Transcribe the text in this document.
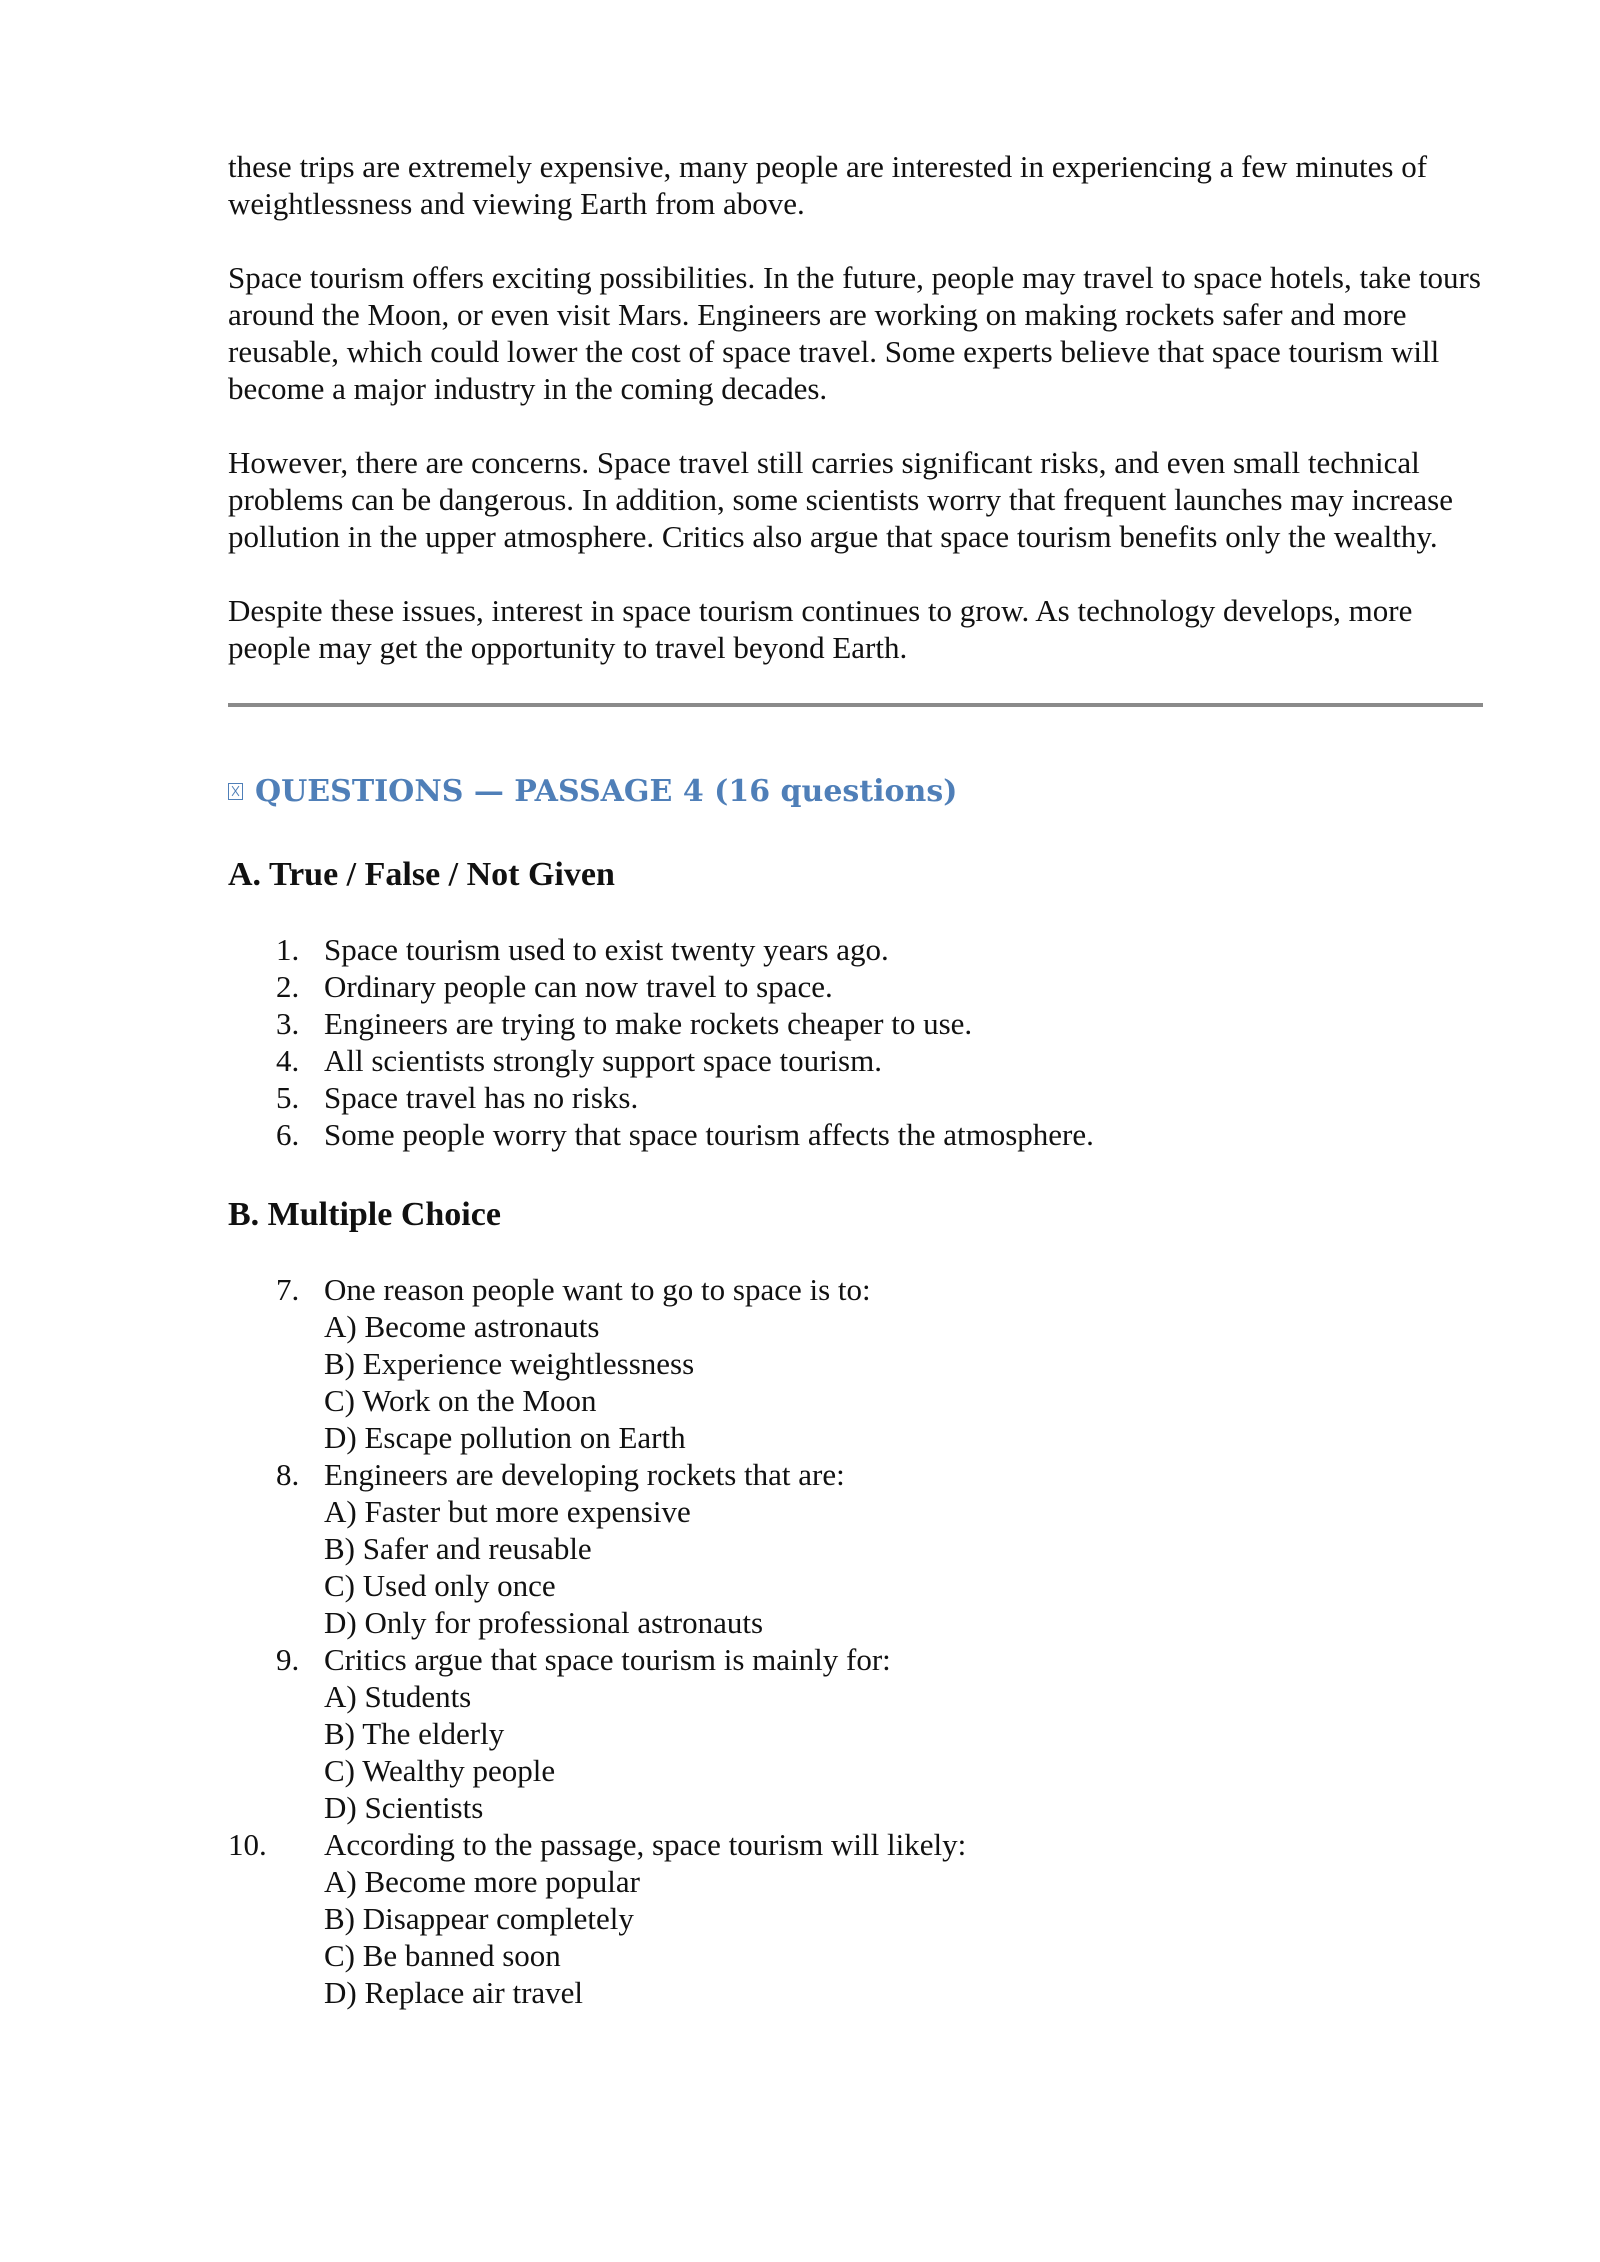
these trips are extremely expensive, many people are interested in experiencing a few minutes of weightlessness and viewing Earth from above.

Space tourism offers exciting possibilities. In the future, people may travel to space hotels, take tours around the Moon, or even visit Mars. Engineers are working on making rockets safer and more reusable, which could lower the cost of space travel. Some experts believe that space tourism will become a major industry in the coming decades.

However, there are concerns. Space travel still carries significant risks, and even small technical problems can be dangerous. In addition, some scientists worry that frequent launches may increase pollution in the upper atmosphere. Critics also argue that space tourism benefits only the wealthy.

Despite these issues, interest in space tourism continues to grow. As technology develops, more people may get the opportunity to travel beyond Earth.

QUESTIONS — PASSAGE 4 (16 questions)
A. True / False / Not Given
1. Space tourism used to exist twenty years ago.
2. Ordinary people can now travel to space.
3. Engineers are trying to make rockets cheaper to use.
4. All scientists strongly support space tourism.
5. Space travel has no risks.
6. Some people worry that space tourism affects the atmosphere.
B. Multiple Choice
7. One reason people want to go to space is to:
A) Become astronauts
B) Experience weightlessness
C) Work on the Moon
D) Escape pollution on Earth
8. Engineers are developing rockets that are:
A) Faster but more expensive
B) Safer and reusable
C) Used only once
D) Only for professional astronauts
9. Critics argue that space tourism is mainly for:
A) Students
B) The elderly
C) Wealthy people
D) Scientists
10. According to the passage, space tourism will likely:
A) Become more popular
B) Disappear completely
C) Be banned soon
D) Replace air travel
